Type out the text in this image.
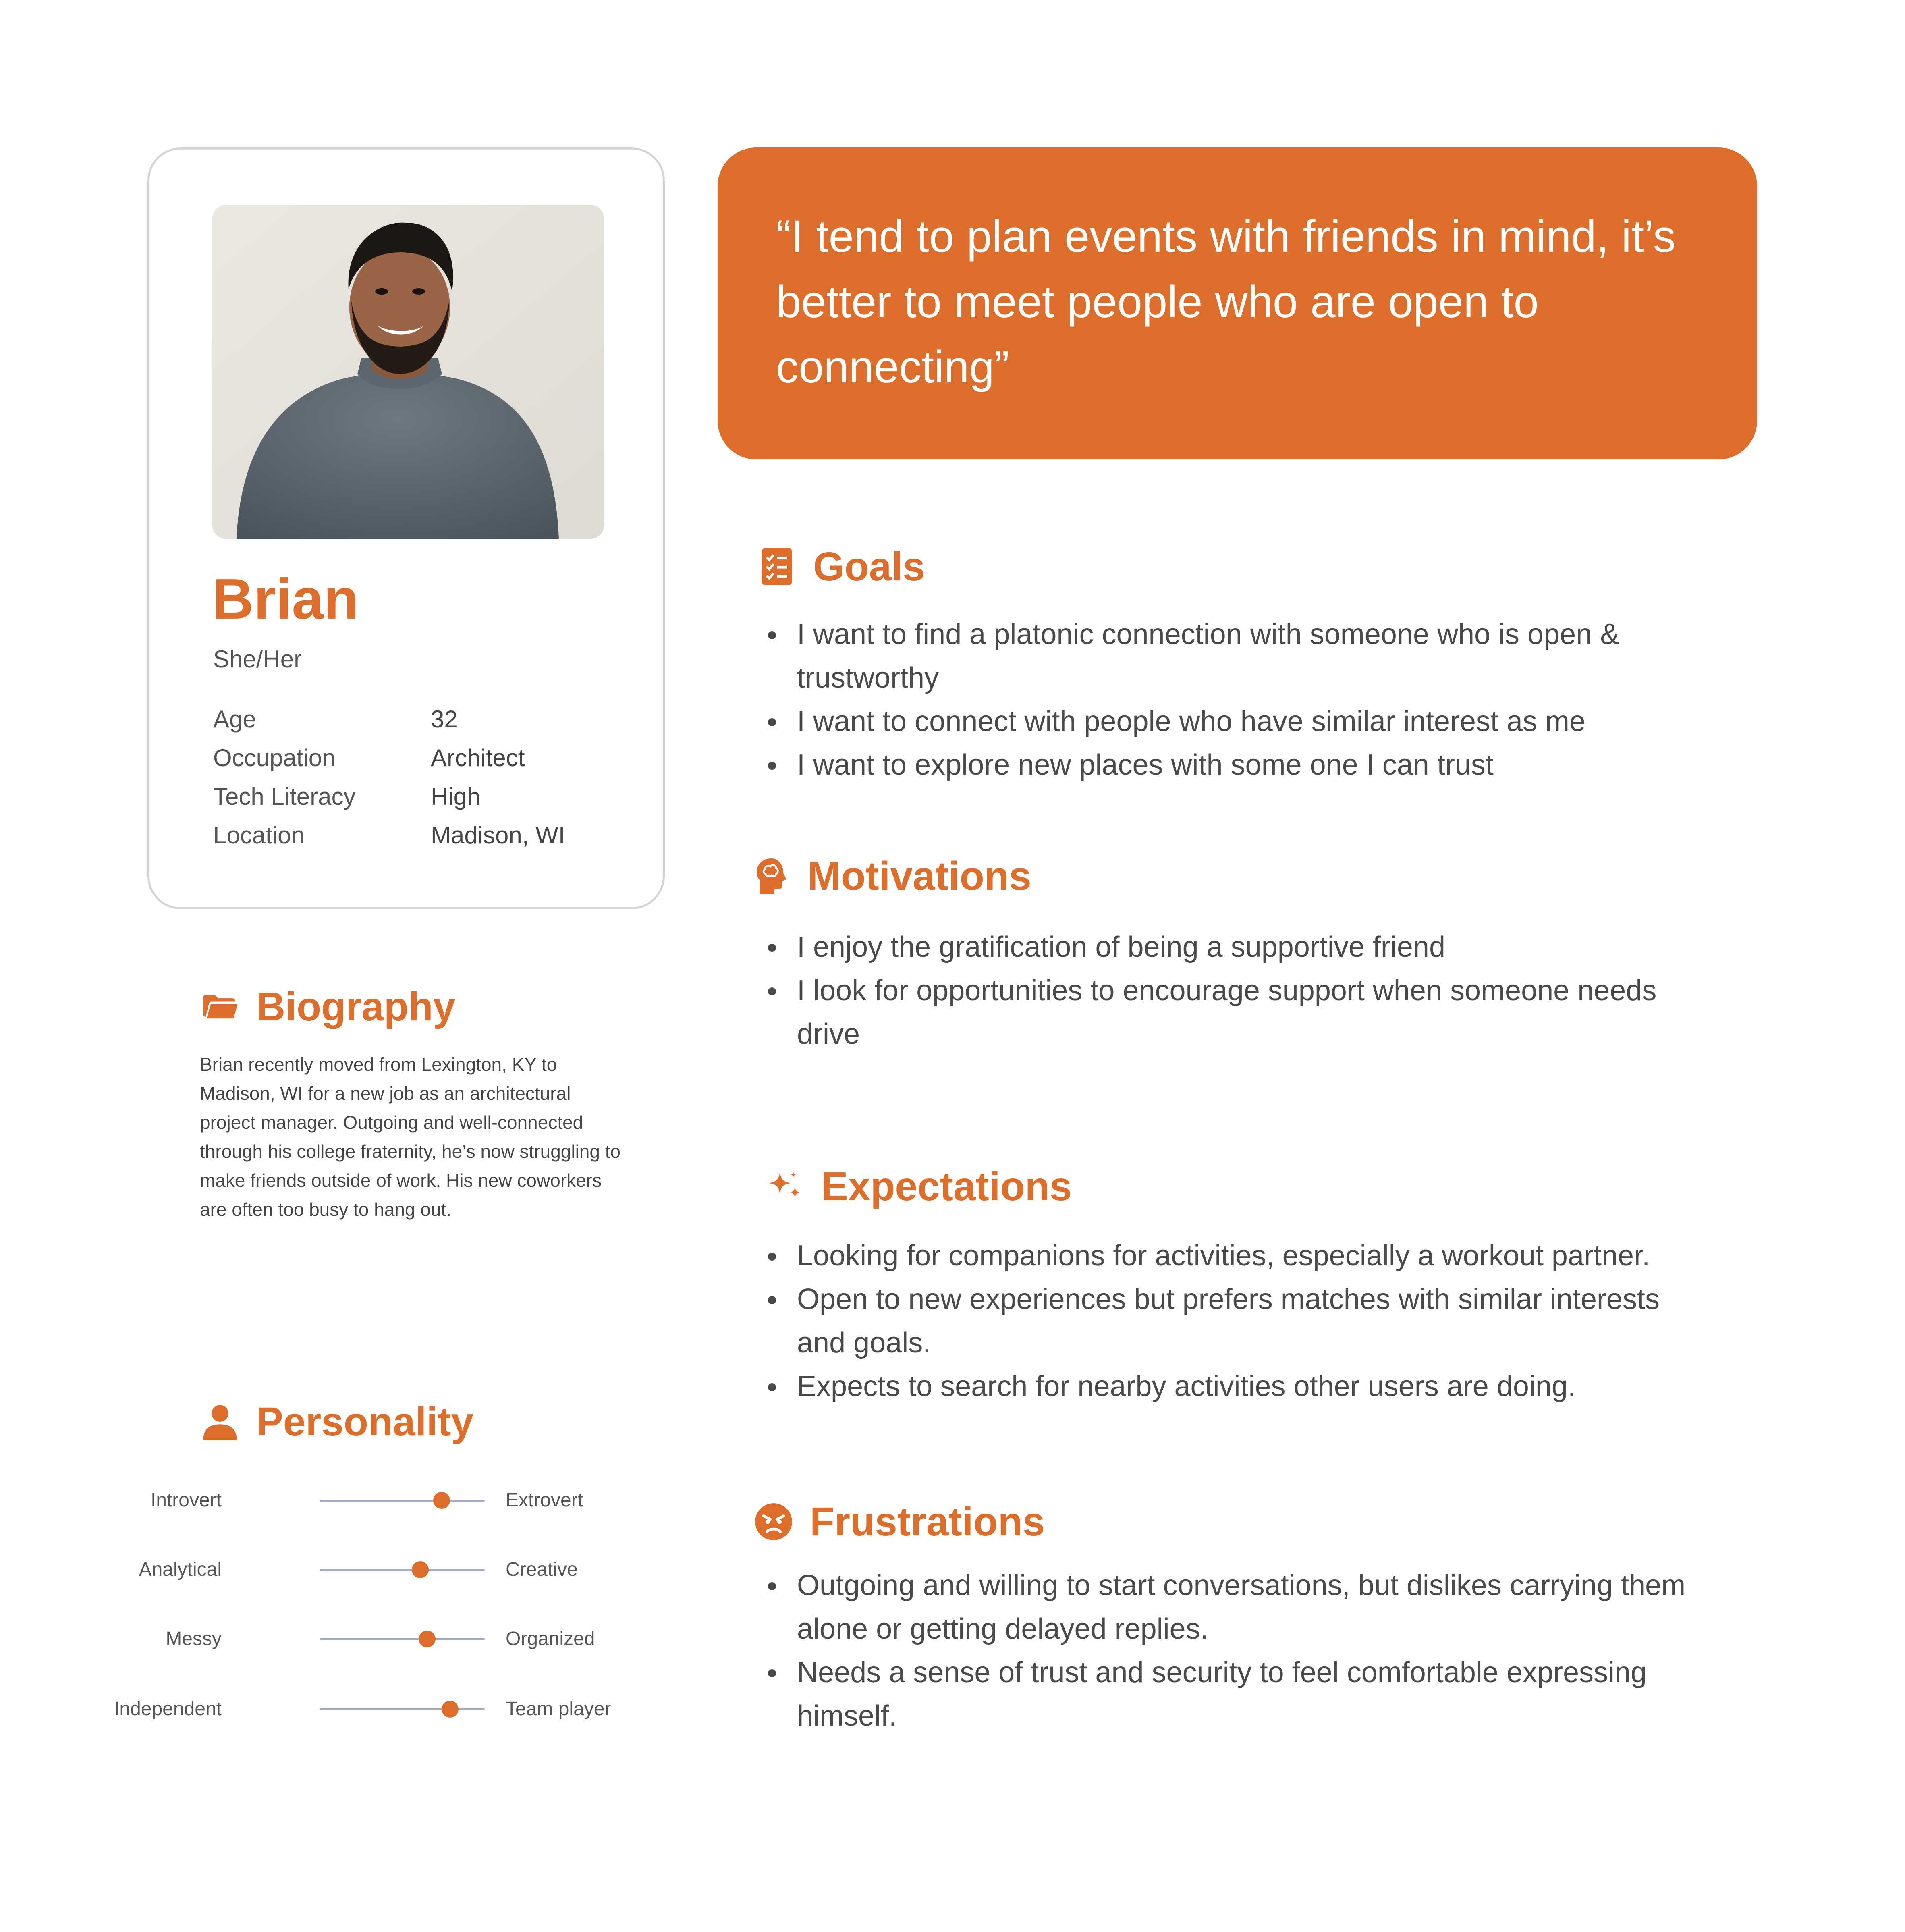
Brian
She/Her
Age	32
Occupation	Architect
Tech Literacy	High
Location	Madison, WI
Biography

Brian recently moved from Lexington, KY to Madison, WI for a new job as an architectural project manager. Outgoing and well-connected through his college fraternity, he’s now struggling to make friends outside of work. His new coworkers are often too busy to hang out.

Personality
Introvert	Extrovert
Analytical	Creative
Messy	Organized
Independent	Team player

“I tend to plan events with friends in mind, it’s better to meet people who are open to connecting”

Goals
I want to find a platonic connection with someone who is open & trustworthy
I want to connect with people who have similar interest as me
I want to explore new places with some one I can trust
Motivations
I enjoy the gratification of being a supportive friend
I look for opportunities to encourage support when someone needs drive
Expectations
Looking for companions for activities, especially a workout partner.
Open to new experiences but prefers matches with similar interests and goals.
Expects to search for nearby activities other users are doing.
Frustrations
Outgoing and willing to start conversations, but dislikes carrying them alone or getting delayed replies.
Needs a sense of trust and security to feel comfortable expressing himself.
